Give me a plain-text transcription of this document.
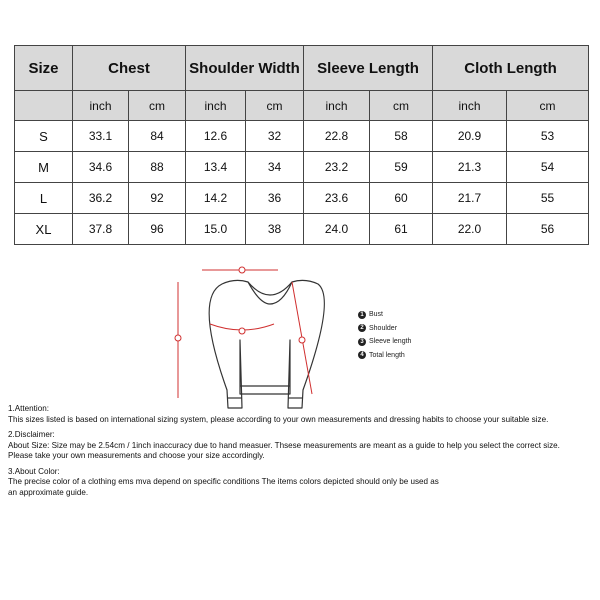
Size	Chest		Shoulder Width		Sleeve Length		Cloth Length	
	inch	cm	inch	cm	inch	cm	inch	cm
S	33.1	84	12.6	32	22.8	58	20.9	53
M	34.6	88	13.4	34	23.2	59	21.3	54
L	36.2	92	14.2	36	23.6	60	21.7	55
XL	37.8	96	15.0	38	24.0	61	22.0	56
1 Bust
2 Shoulder
3 Sleeve length
4 Total length
1.Attention:
This sizes listed is based on international sizing system, please according to your own measurements and dressing habits to choose your suitable size.
2.Disclaimer:
About Size: Size may be 2.54cm / 1inch inaccuracy due to hand measuer. Thsese measurements are meant as a guide to help you select the correct size.
Please take your own measurements and choose your size accordingly.
3.About Color:
The precise color of a clothing ems mva depend on specific conditions The items colors depicted should only be used as
an approximate guide.
